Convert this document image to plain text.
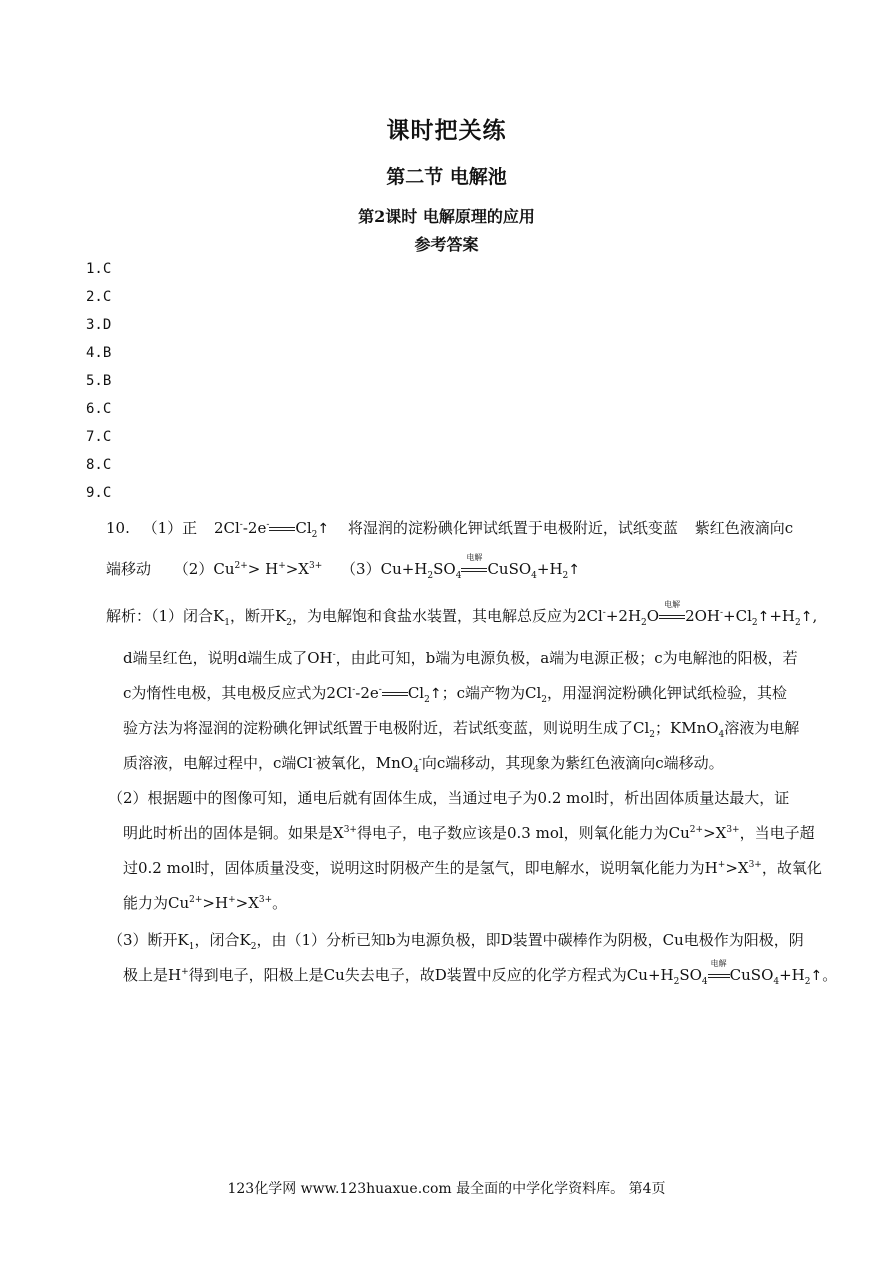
课时把关练
第二节 电解池
第2课时 电解原理的应用
参考答案
1.C
2.C
3.D
4.B
5.B
6.C
7.C
8.C
9.C
10. （1）正 2Cl--2e- $Cl_2↑$ 将湿润的淀粉碘化钾试纸置于电极附近，试纸变蓝 紫红色液滴向c
端移动 $(2)Cu^{2+}> H^+>X^{3+}$ $(3)Cu+H_2SO_4$
电解
$CuSO_4+H_2↑$
解析：（1）闭合$K_1$，断开$K_2$，为电解饱和食盐水装置，其电解总反应为$2Cl^-+2H_2O$
电解
$2OH^-+Cl_2↑+H_2↑$,
d端呈红色，说明d端生成了OH-，由此可知，b端为电源负极，a端为电源正极；c为电解池的阳极，若
c为惰性电极，其电极反应式为2Cl--2e- $Cl_2↑$；c端产物为$Cl_2$，用湿润淀粉碘化钾试纸检验，其检
验方法为将湿润的淀粉碘化钾试纸置于电极附近，若试纸变蓝，则说明生成了$Cl_2$；KMnO$_4$溶液为电解
质溶液，电解过程中，c端Cl-被氧化，MnO$_4$-向c端移动，其现象为紫红色液滴向c端移动。
（2）根据题中的图像可知，通电后就有固体生成，当通过电子为0.2 mol时，析出固体质量达最大，证
明此时析出的固体是铜。如果是$X^{3+}$得电子，电子数应该是0.3 mol，则氧化能力为$Cu^{2+}>X^{3+}$，当电子超
过0.2 mol时，固体质量没变，说明这时阴极产生的是氢气，即电解水，说明氧化能力为$H^+>X^{3+}$，故氧化
能力为$Cu^{2+}>H^+>X^{3+}$。
（3）断开$K_1$，闭合$K_2$，由（1）分析已知b为电源负极，即D装置中碳棒作为阴极，Cu电极作为阳极，阴
极上是H+得到电子，阳极上是Cu失去电子，故D装置中反应的化学方程式为$Cu+H_2SO_4$
电解
$CuSO_4+H_2↑$。
123化学网 www.123huaxue.com 最全面的中学化学资料库。 第4页
